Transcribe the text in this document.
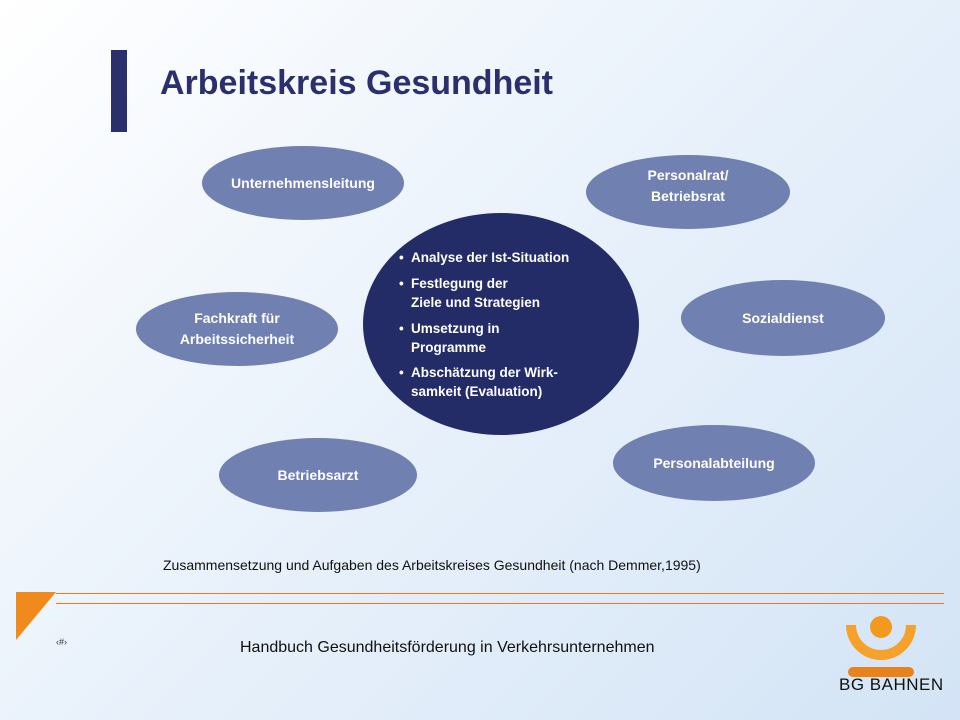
Arbeitskreis Gesundheit
Unternehmensleitung	Personalrat/
Betriebsrat
Fachkraft für
Arbeitssicherheit
Sozialdienst
Betriebsarzt
Personalabteilung
• Analyse der Ist-Situation
• Festlegung der
Ziele und Strategien
• Umsetzung in
Programme
• Abschätzung der Wirk-
samkeit (Evaluation)
Zusammensetzung und Aufgaben des Arbeitskreises Gesundheit (nach Demmer,1995)
‹#›	Handbuch Gesundheitsförderung in Verkehrsunternehmen
BG BAHNEN
